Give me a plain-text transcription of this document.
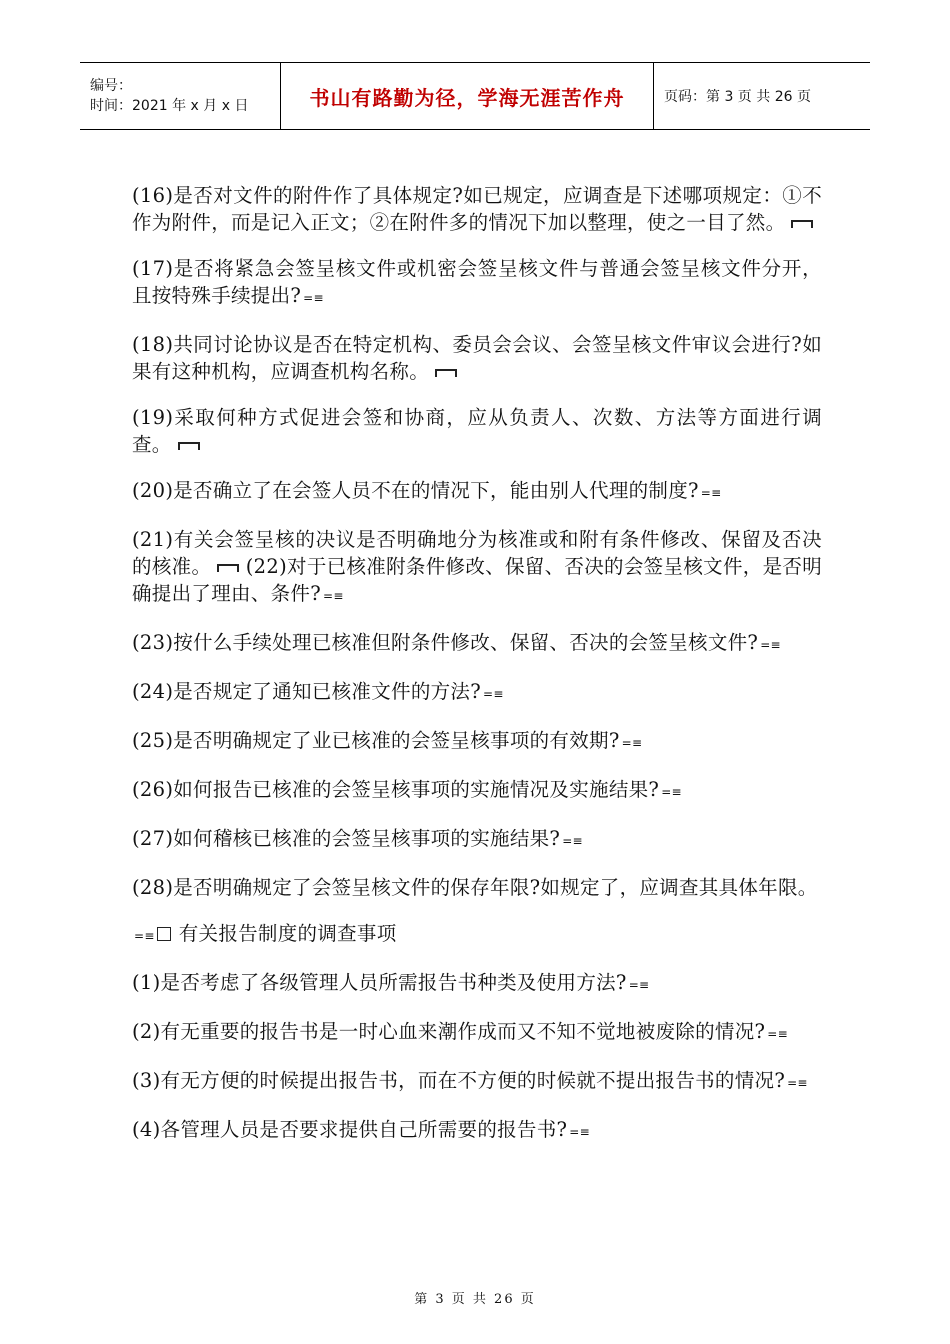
编号：
时间：2021 年 x 月 x 日	书山有路勤为径，学海无涯苦作舟	页码：第 3 页 共 26 页

(16)是否对文件的附件作了具体规定?如已规定，应调查是下述哪项规定：①不作为附件，而是记入正文；②在附件多的情况下加以整理，使之一目了然。

(17)是否将紧急会签呈核文件或机密会签呈核文件与普通会签呈核文件分开，且按特殊手续提出? =≡

(18)共同讨论协议是否在特定机构、委员会会议、会签呈核文件审议会进行?如果有这种机构，应调查机构名称。

(19)采取何种方式促进会签和协商，应从负责人、次数、方法等方面进行调查。

(20)是否确立了在会签人员不在的情况下，能由别人代理的制度? =≡

(21)有关会签呈核的决议是否明确地分为核准或和附有条件修改、保留及否决的核准。 (22)对于已核准附条件修改、保留、否决的会签呈核文件，是否明确提出了理由、条件? =≡

(23)按什么手续处理已核准但附条件修改、保留、否决的会签呈核文件? =≡

(24)是否规定了通知已核准文件的方法? =≡

(25)是否明确规定了业已核准的会签呈核事项的有效期? =≡

(26)如何报告已核准的会签呈核事项的实施情况及实施结果? =≡

(27)如何稽核已核准的会签呈核事项的实施结果? =≡

(28)是否明确规定了会签呈核文件的保存年限?如规定了，应调查其具体年限。

=≡ 有关报告制度的调查事项

(1)是否考虑了各级管理人员所需报告书种类及使用方法? =≡

(2)有无重要的报告书是一时心血来潮作成而又不知不觉地被废除的情况? =≡

(3)有无方便的时候提出报告书，而在不方便的时候就不提出报告书的情况? =≡

(4)各管理人员是否要求提供自己所需要的报告书? =≡

第 3 页 共 26 页
